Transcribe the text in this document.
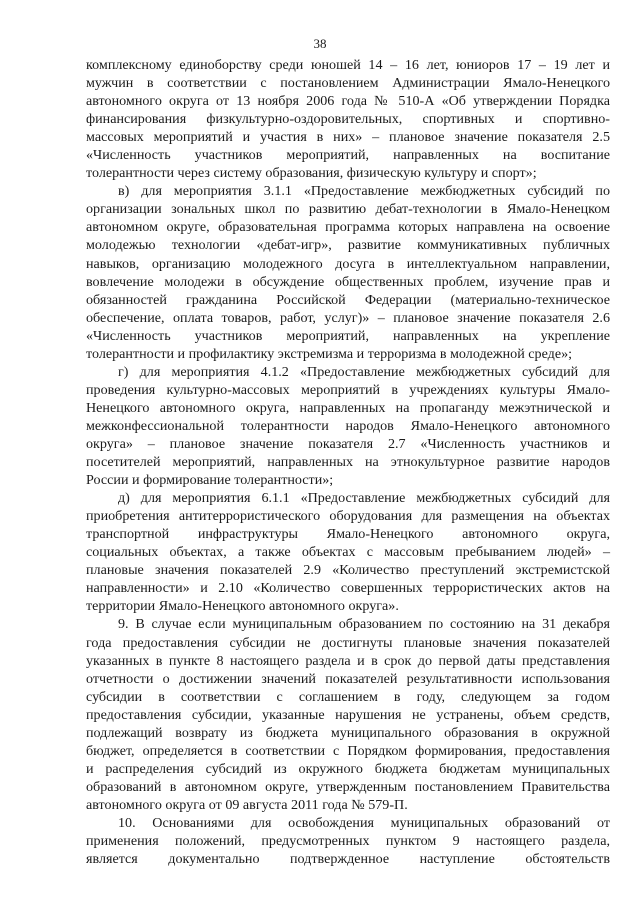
38
комплексному единоборству среди юношей 14 – 16 лет, юниоров 17 – 19 лет и
мужчин в соответствии с постановлением Администрации Ямало-Ненецкого
автономного округа от 13 ноября 2006 года № 510-А «Об утверждении Порядка
финансирования физкультурно-оздоровительных, спортивных и спортивно-
массовых мероприятий и участия в них» – плановое значение показателя 2.5
«Численность участников мероприятий, направленных на воспитание
толерантности через систему образования, физическую культуру и спорт»;
в) для мероприятия 3.1.1 «Предоставление межбюджетных субсидий по
организации зональных школ по развитию дебат-технологии в Ямало-Ненецком
автономном округе, образовательная программа которых направлена на освоение
молодежью технологии «дебат-игр», развитие коммуникативных публичных
навыков, организацию молодежного досуга в интеллектуальном направлении,
вовлечение молодежи в обсуждение общественных проблем, изучение прав и
обязанностей гражданина Российской Федерации (материально-техническое
обеспечение, оплата товаров, работ, услуг)» – плановое значение показателя 2.6
«Численность участников мероприятий, направленных на укрепление
толерантности и профилактику экстремизма и терроризма в молодежной среде»;
г) для мероприятия 4.1.2 «Предоставление межбюджетных субсидий для
проведения культурно-массовых мероприятий в учреждениях культуры Ямало-
Ненецкого автономного округа, направленных на пропаганду межэтнической и
межконфессиональной толерантности народов Ямало-Ненецкого автономного
округа» – плановое значение показателя 2.7 «Численность участников и
посетителей мероприятий, направленных на этнокультурное развитие народов
России и формирование толерантности»;
д) для мероприятия 6.1.1 «Предоставление межбюджетных субсидий для
приобретения антитеррористического оборудования для размещения на объектах
транспортной инфраструктуры Ямало-Ненецкого автономного округа,
социальных объектах, а также объектах с массовым пребыванием людей» –
плановые значения показателей 2.9 «Количество преступлений экстремистской
направленности» и 2.10 «Количество совершенных террористических актов на
территории Ямало-Ненецкого автономного округа».
9. В случае если муниципальным образованием по состоянию на 31 декабря
года предоставления субсидии не достигнуты плановые значения показателей
указанных в пункте 8 настоящего раздела и в срок до первой даты представления
отчетности о достижении значений показателей результативности использования
субсидии в соответствии с соглашением в году, следующем за годом
предоставления субсидии, указанные нарушения не устранены, объем средств,
подлежащий возврату из бюджета муниципального образования в окружной
бюджет, определяется в соответствии с Порядком формирования, предоставления
и распределения субсидий из окружного бюджета бюджетам муниципальных
образований в автономном округе, утвержденным постановлением Правительства
автономного округа от 09 августа 2011 года № 579-П.
10. Основаниями для освобождения муниципальных образований от
применения положений, предусмотренных пунктом 9 настоящего раздела,
является документально подтвержденное наступление обстоятельств
